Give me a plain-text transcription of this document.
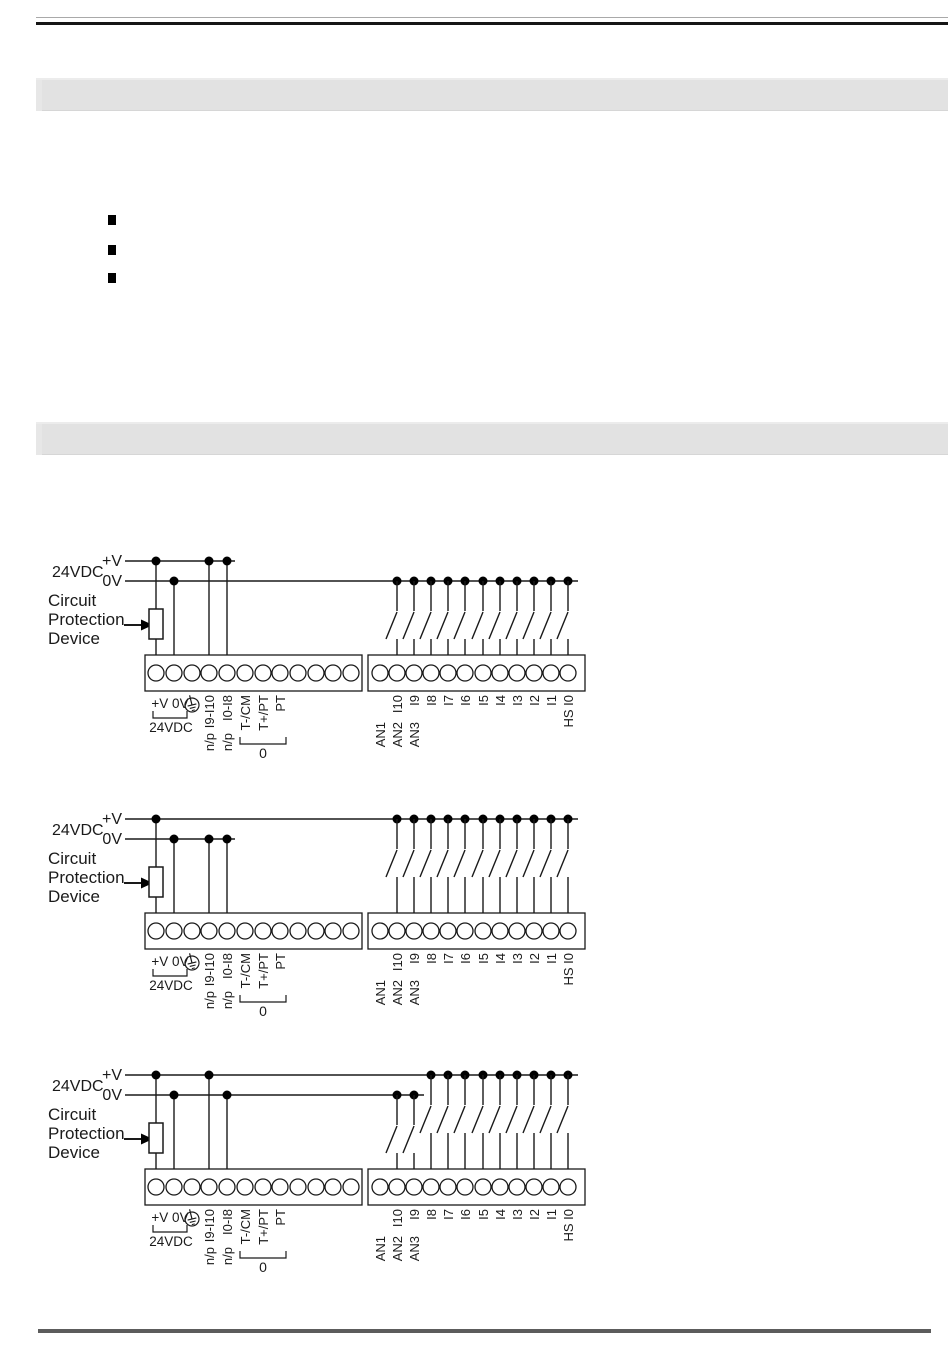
+V
0V
24VDC
Circuit
Protection
Device
+V 0V
24VDC I9-I10 I0-I8 T-/CM T+/PT PT
n/p n/p
0
I10 I9 I8 I7 I6 I5 I4 I3 I2 I1 HS I0
AN1 AN2 AN3
+V
0V
24VDC
Circuit
Protection
Device
+V 0V
24VDC I9-I10 I0-I8 T-/CM T+/PT PT
n/p n/p
0
I10 I9 I8 I7 I6 I5 I4 I3 I2 I1 HS I0
AN1 AN2 AN3
+V
0V
24VDC
Circuit
Protection
Device
+V 0V
24VDC I9-I10 I0-I8 T-/CM T+/PT PT
n/p n/p
0
I10 I9 I8 I7 I6 I5 I4 I3 I2 I1 HS I0
AN1 AN2 AN3
